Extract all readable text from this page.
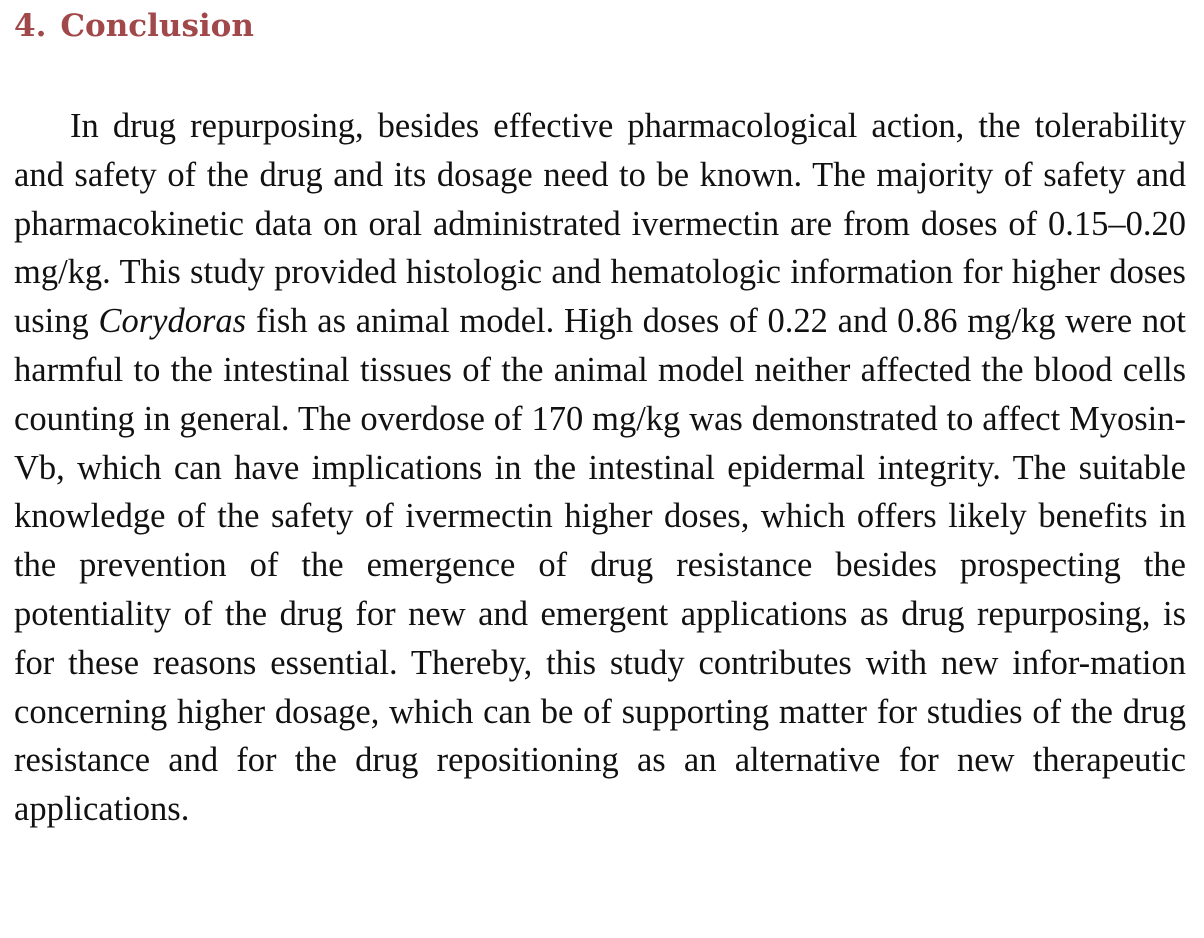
4. Conclusion

In drug repurposing, besides effective pharmacological action, the tolerability and safety of the drug and its dosage need to be known. The majority of safety and pharmacokinetic data on oral administrated ivermectin are from doses of 0.15–0.20 mg/kg. This study provided histologic and hematologic information for higher doses using Corydoras fish as animal model. High doses of 0.22 and 0.86 mg/kg were not harmful to the intestinal tissues of the animal model neither affected the blood cells counting in general. The overdose of 170 mg/kg was demonstrated to affect Myosin-Vb, which can have implications in the intestinal epidermal integrity. The suitable knowledge of the safety of ivermectin higher doses, which offers likely benefits in the prevention of the emergence of drug resistance besides prospecting the potentiality of the drug for new and emergent applications as drug repurposing, is for these reasons essential. Thereby, this study contributes with new infor-mation concerning higher dosage, which can be of supporting matter for studies of the drug resistance and for the drug repositioning as an alternative for new therapeutic applications.
